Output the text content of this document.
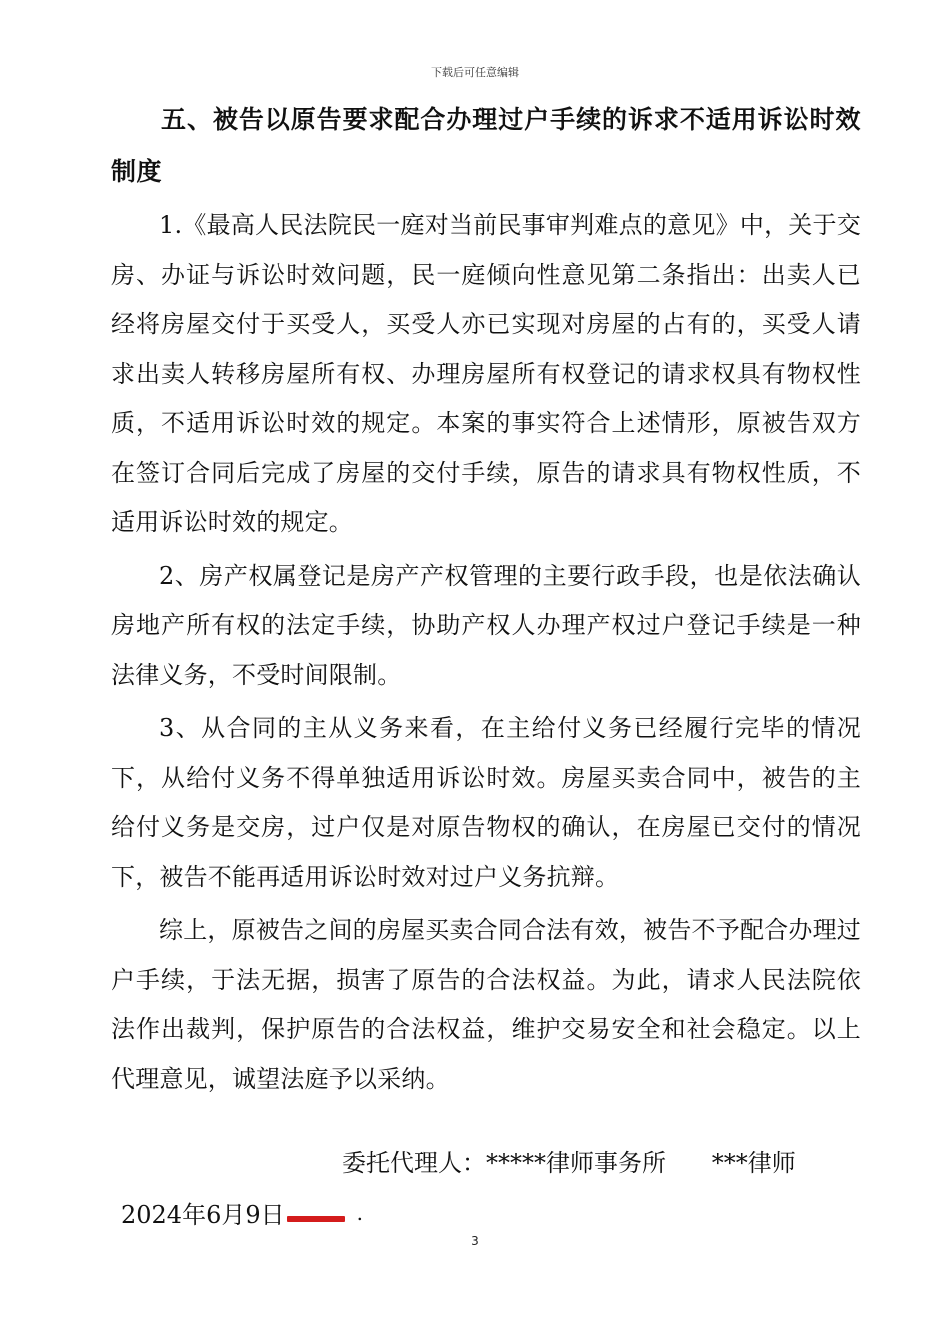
下载后可任意编辑
五、被告以原告要求配合办理过户手续的诉求不适用诉讼时效制度

1.《最高人民法院民一庭对当前民事审判难点的意见》中，关于交房、办证与诉讼时效问题，民一庭倾向性意见第二条指出：出卖人已经将房屋交付于买受人，买受人亦已实现对房屋的占有的，买受人请求出卖人转移房屋所有权、办理房屋所有权登记的请求权具有物权性质，不适用诉讼时效的规定。本案的事实符合上述情形，原被告双方在签订合同后完成了房屋的交付手续，原告的请求具有物权性质，不适用诉讼时效的规定。

2、房产权属登记是房产产权管理的主要行政手段，也是依法确认房地产所有权的法定手续，协助产权人办理产权过户登记手续是一种法律义务，不受时间限制。

3、从合同的主从义务来看，在主给付义务已经履行完毕的情况下，从给付义务不得单独适用诉讼时效。房屋买卖合同中，被告的主给付义务是交房，过户仅是对原告物权的确认，在房屋已交付的情况下，被告不能再适用诉讼时效对过户义务抗辩。

综上，原被告之间的房屋买卖合同合法有效，被告不予配合办理过户手续，于法无据，损害了原告的合法权益。为此，请求人民法院依法作出裁判，保护原告的合法权益，维护交易安全和社会稳定。以上代理意见，诚望法庭予以采纳。

委托代理人：*****律师事务所 ***律师
2024年6月9日	.
3
